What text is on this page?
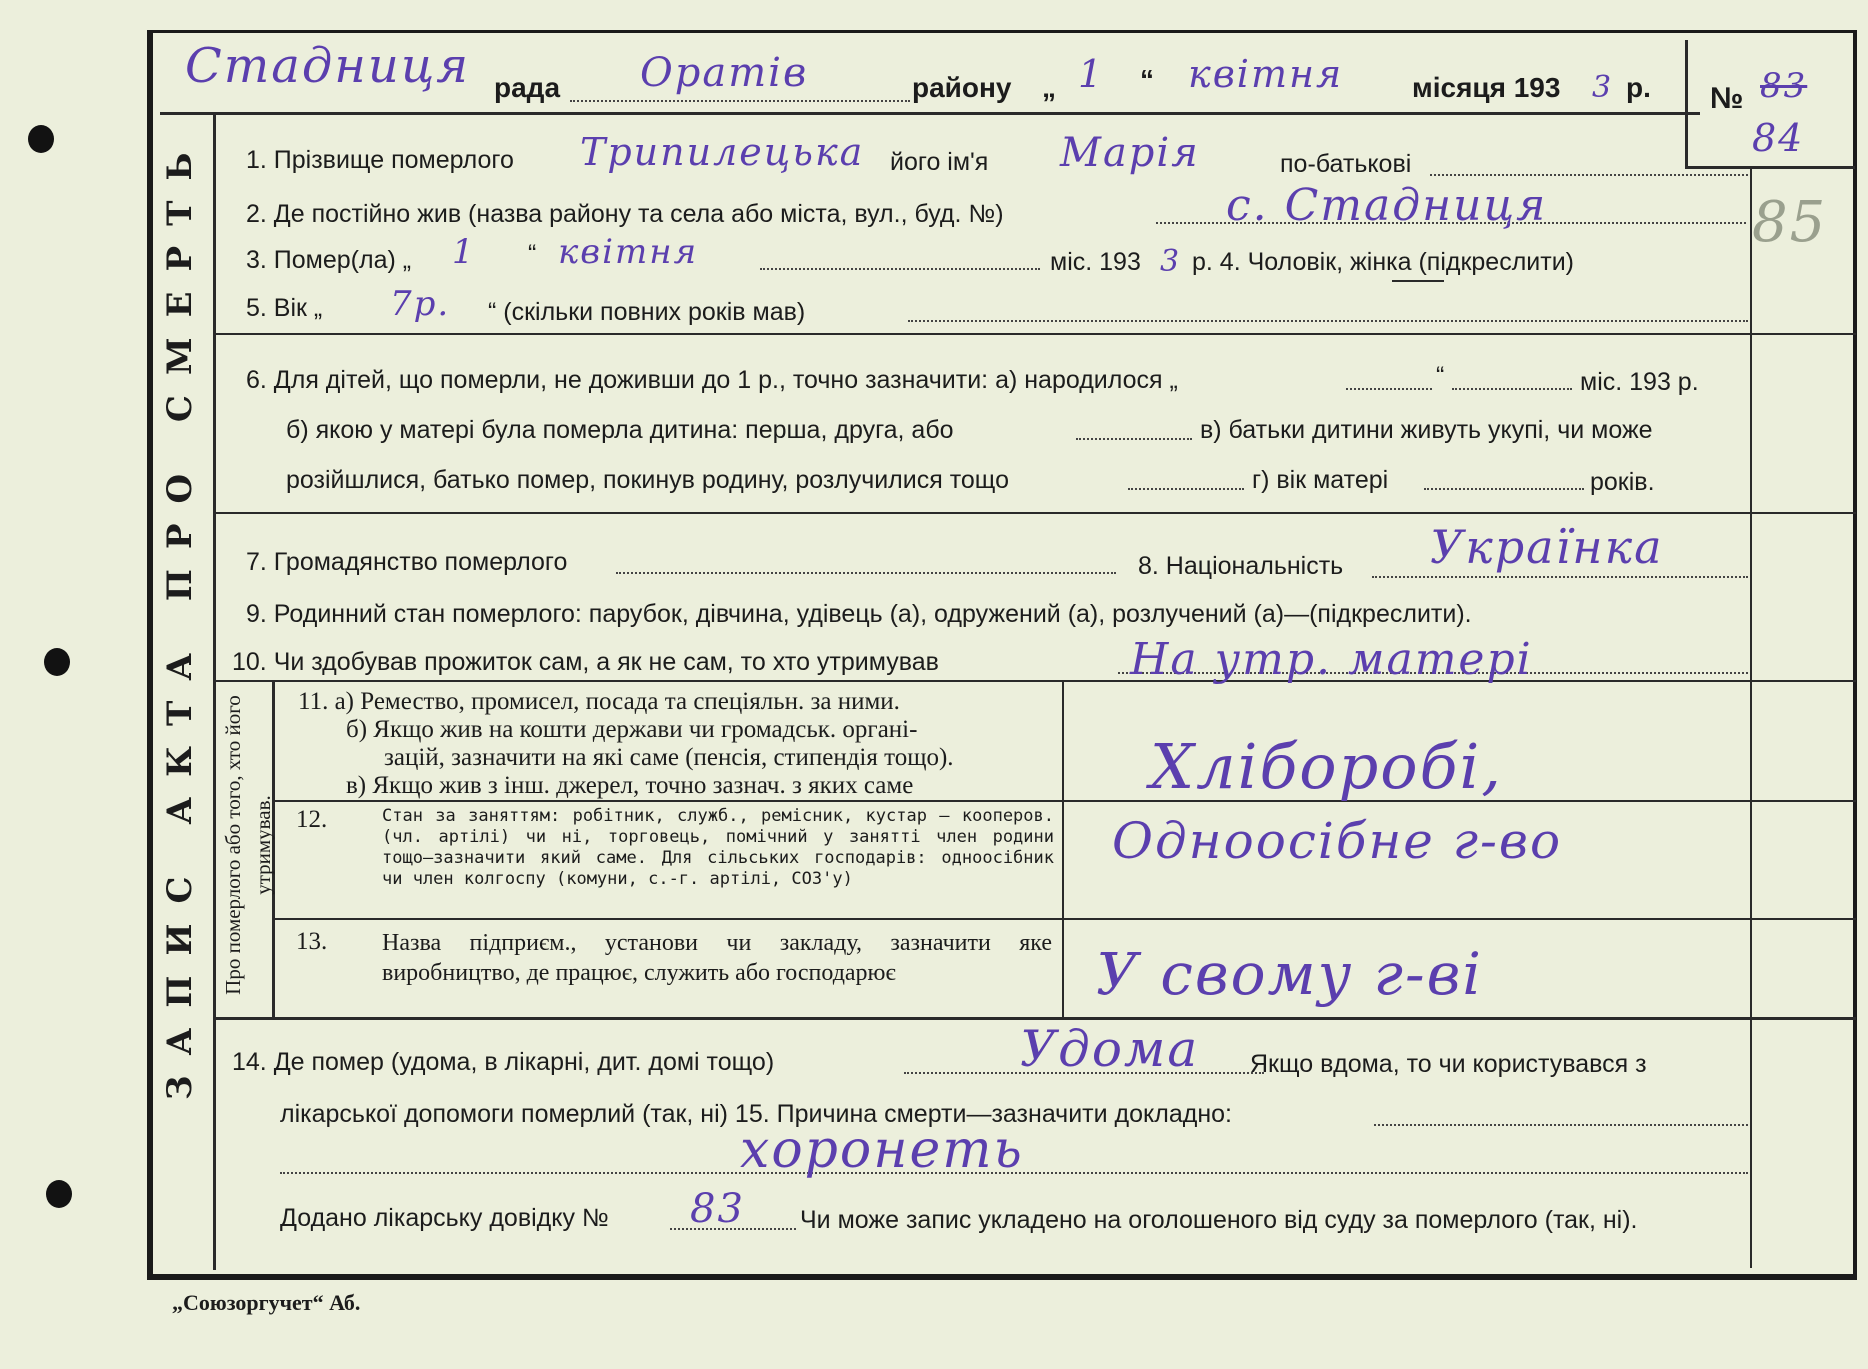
ЗАПИС АКТА ПРО СМЕРТЬ	Про померлого або того, хто його утримував.
Стадниця рада Оратів	району „ 1 “ квітня місяця 193 3 р. № 83
84
85
1. Прізвище померлого Трипилецька його ім'я Марія	по-батькові
2. Де постійно жив (назва району та села або міста, вул., буд. №)	с. Стадниця
3. Помер(ла) „ 1 “ квітня	міс. 193 3 р. 4. Чоловік, жінка (підкреслити)
5. Вік „ 7р. “ (скільки повних років мав)
6. Для дітей, що померли, не доживши до 1 р., точно зазначити: а) народилося „	“	міс. 193 р.
б) якою у матері була померла дитина: перша, друга, або	в) батьки дитини живуть укупі, чи може
розійшлися, батько помер, покинув родину, розлучилися тощо	г) вік матері	років.
7. Громадянство померлого	8. Національність Українка
9. Родинний стан померлого: парубок, дівчина, удівець (а), одружений (а), розлучений (а)—(підкреслити).
10. Чи здобував прожиток сам, а як не сам, то хто утримував	На утр. матері
11. а) Ремество, промисел, посада та спеціяльн. за ними.
б) Якщо жив на кошти держави чи громадськ. органі-
зацій, зазначити на які саме (пенсія, стипендія тощо).
в) Якщо жив з інш. джерел, точно зазнач. з яких саме	Хліборобі,
12.	Стан за заняттям: робітник, служб., ремісник, кустар — кооперов. (чл. артілі) чи ні, торговець, помічний у занятті член родини тощо—зазначити який саме. Для сільських господарів: одноосібник чи член колгоспу (комуни, с.-г. артілі, СОЗ'у)
Одноосібне г-во
13. Назва підприєм., установи чи закладу, зазначити яке виробництво, де працює, служить або господарює	У свому г-ві
14. Де помер (удома, в лікарні, дит. домі тощо)	Удома Якщо вдома, то чи користувався з
лікарської допомоги померлий (так, ні) 15. Причина смерти—зазначити докладно:
хоронеть
Додано лікарську довідку № 83 Чи може запис укладено на оголошеного від суду за померлого (так, ні).
„Союзоргучет“ Аб.
